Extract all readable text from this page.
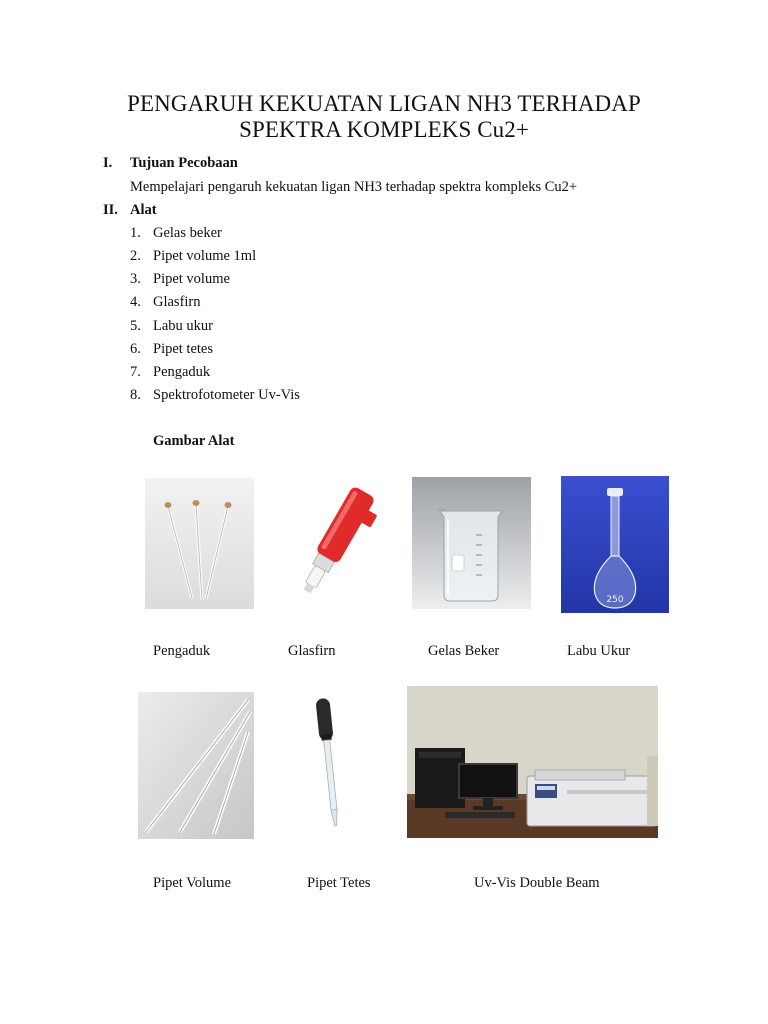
PENGARUH KEKUATAN LIGAN NH3 TERHADAP
SPEKTRA KOMPLEKS Cu2+
I. Tujuan Pecobaan
Mempelajari pengaruh kekuatan ligan NH3 terhadap spektra kompleks Cu2+
II. Alat
1. Gelas beker
2. Pipet volume 1ml
3. Pipet volume
4. Glasfirn
5. Labu ukur
6. Pipet tetes
7. Pengaduk
8. Spektrofotometer Uv-Vis
Gambar Alat
250
Pengaduk	Glasfirn	Gelas Beker	Labu Ukur
Pipet Volume	Pipet Tetes	Uv-Vis Double Beam
